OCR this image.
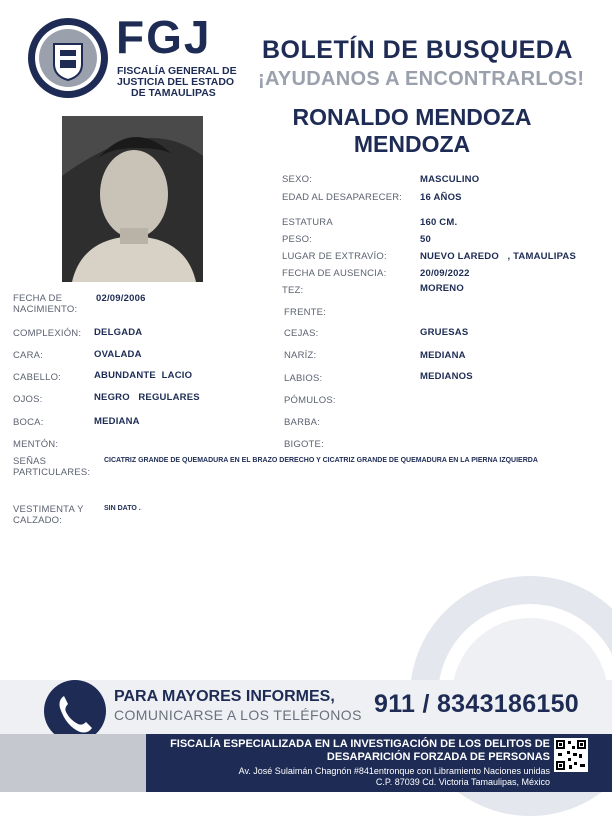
FGJ
FISCALÍA GENERAL DE
JUSTICIA DEL ESTADO
DE TAMAULIPAS
BOLETÍN DE BUSQUEDA
¡AYUDANOS A ENCONTRARLOS!
RONALDO MENDOZA
MENDOZA
SEXO:	MASCULINO
EDAD AL DESAPARECER: 16 AÑOS
ESTATURA	160 CM.
PESO:	50
LUGAR DE EXTRAVÍO:	NUEVO LAREDO   , TAMAULIPAS
FECHA DE AUSENCIA:	20/09/2022
TEZ:	MORENO
FRENTE:
CEJAS:	GRUESAS
NARÍZ:	MEDIANA
LABIOS:	MEDIANOS
PÓMULOS:
BARBA:
BIGOTE:
FECHA DE NACIMIENTO:
02/09/2006
COMPLEXIÓN: DELGADA
CARA:	OVALADA
CABELLO:	ABUNDANTE  LACIO
OJOS:	NEGRO   REGULARES
BOCA:	MEDIANA
MENTÓN:
SEÑAS PARTICULARES:
CICATRIZ GRANDE DE QUEMADURA EN EL BRAZO DERECHO Y CICATRIZ GRANDE DE QUEMADURA EN LA PIERNA IZQUIERDA
VESTIMENTA Y CALZADO:
SIN DATO .
PARA MAYORES INFORMES,
COMUNICARSE A LOS TELÉFONOS 911 / 8343186150
FISCALÍA ESPECIALIZADA EN LA INVESTIGACIÓN DE LOS DELITOS DE
DESAPARICIÓN FORZADA DE PERSONAS
Av. José Sulaimán Chagnón #841entronque con Libramiento Naciones unidas
C.P. 87039 Cd. Victoria Tamaulipas, México
